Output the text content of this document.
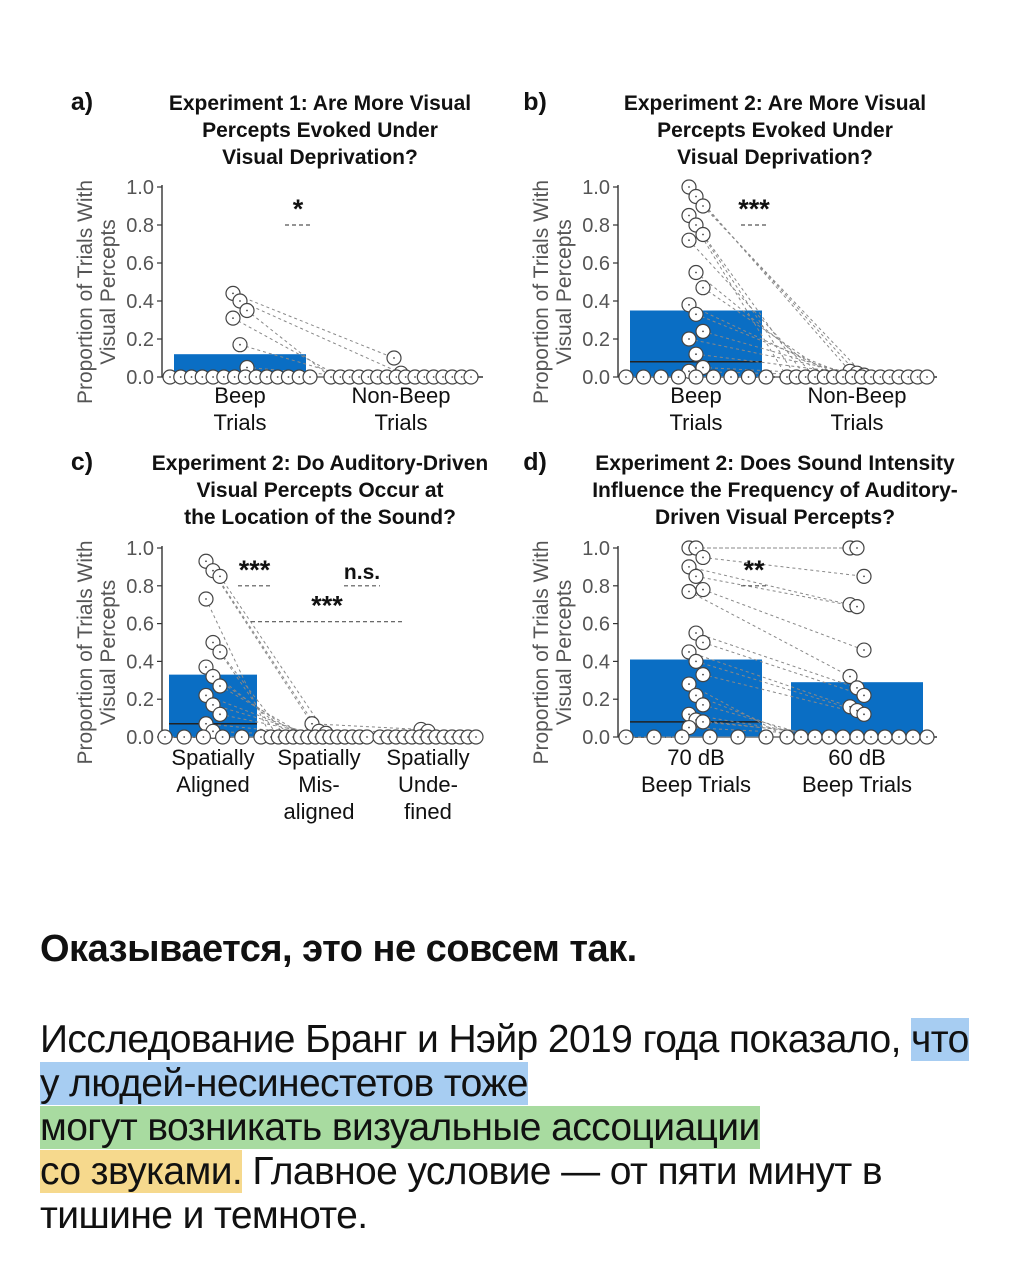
a)	Experiment 1: Are More Visual
Percepts Evoked Under
Visual Deprivation?
Proportion of Trials With Visual Percepts
1.0
0.8
0.6
0.4
0.2
0.0
*
Beep
Trials
Non-Beep
Trials
b)	Experiment 2: Are More Visual
Percepts Evoked Under
Visual Deprivation?
Proportion of Trials With Visual Percepts
1.0
0.8
0.6
0.4
0.2
0.0
***
Beep
Trials
Non-Beep
Trials
c)	Experiment 2: Do Auditory-Driven
Visual Percepts Occur at
the Location of the Sound?
Proportion of Trials With Visual Percepts
1.0
0.8
0.6
0.4
0.2
0.0
***	n.s.
***
Spatially
Aligned
Spatially
Mis-
aligned
Spatially
Unde-
fined
d) Experiment 2: Does Sound Intensity
Influence the Frequency of Auditory-
Driven Visual Percepts?
Proportion of Trials With Visual Percepts
1.0
0.8
0.6
0.4
0.2
0.0
**
70 dB
Beep Trials
60 dB
Beep Trials
Оказывается, это не совсем так.
Исследование Бранг и Нэйр 2019 года показало, что у людей-несинестетов тоже
могут возникать визуальные ассоциации
со звуками. Главное условие — от пяти минут в тишине и темноте.
